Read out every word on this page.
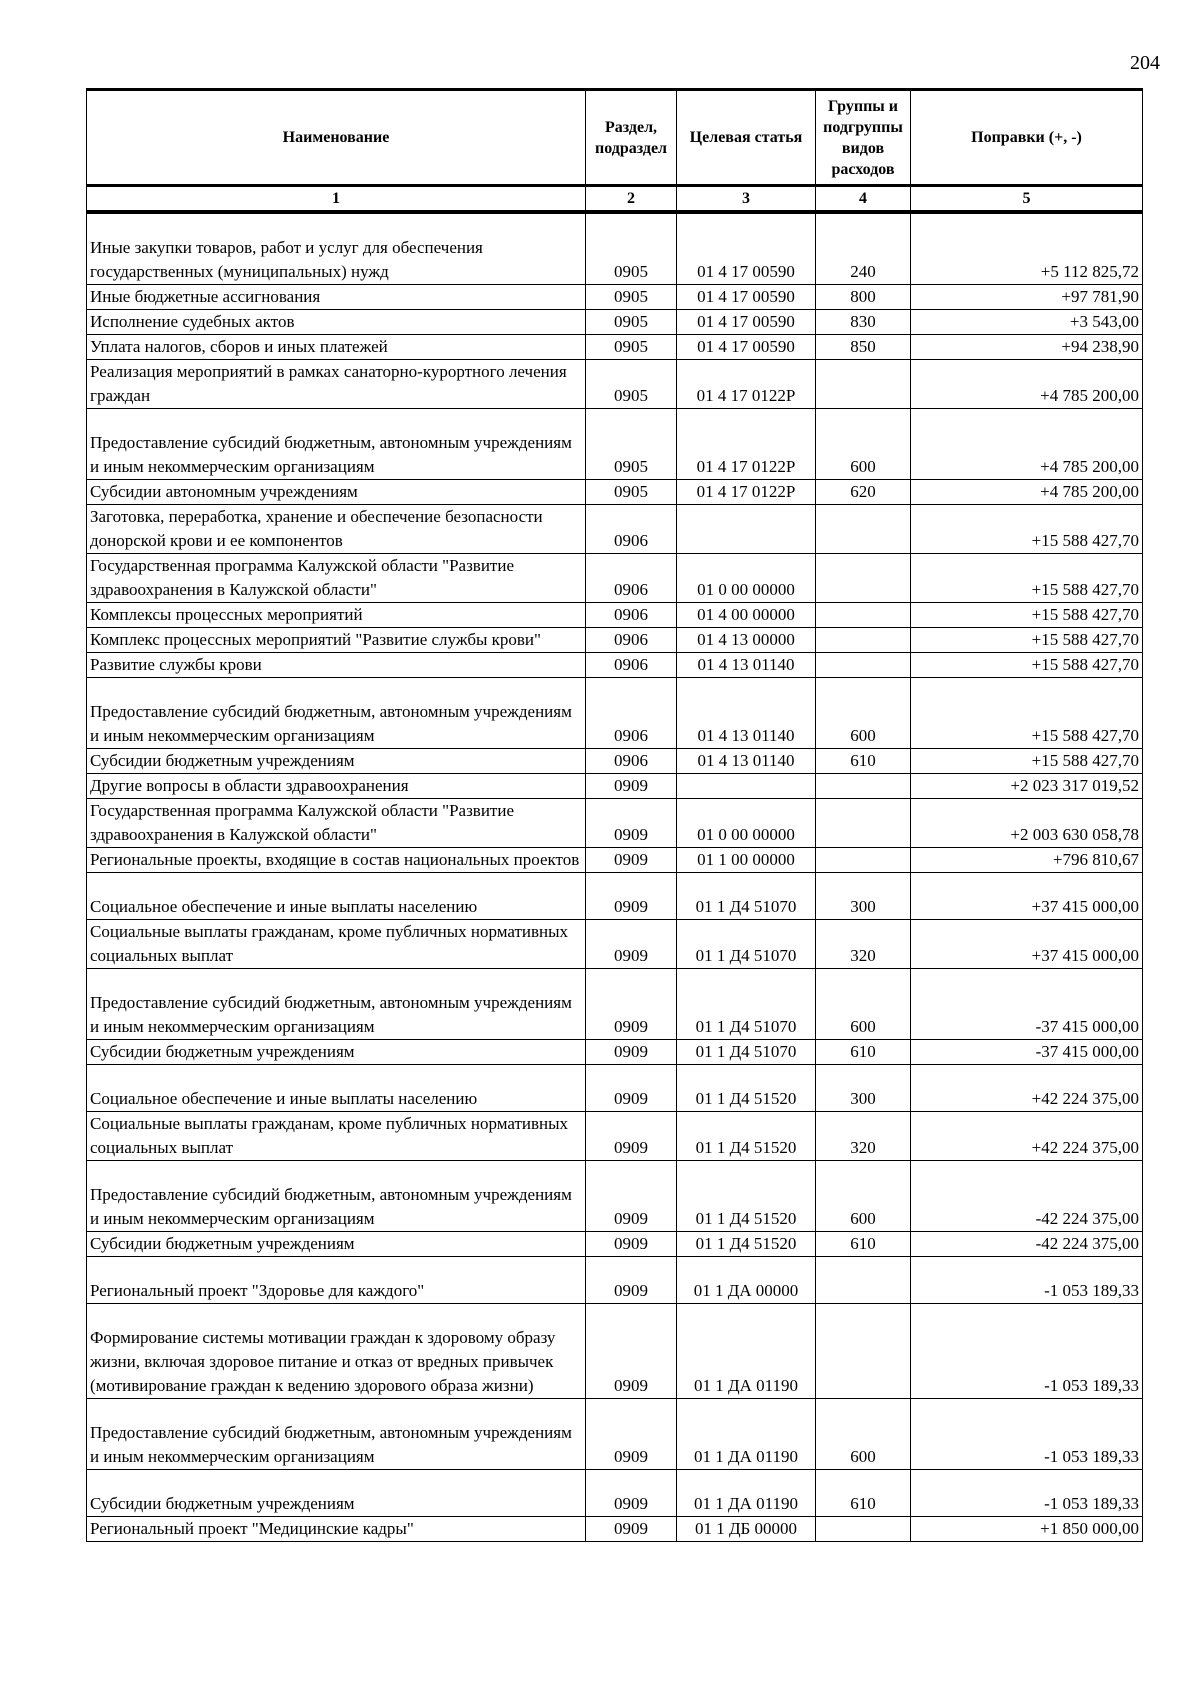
204
Наименование	Раздел, подраздел	Целевая статья	Группы и подгруппы видов расходов	Поправки (+, -)
1	2	3	4	5
Иные закупки товаров, работ и услуг для обеспечения государственных (муниципальных) нужд	0905	01 4 17 00590	240	+5 112 825,72
Иные бюджетные ассигнования	0905	01 4 17 00590	800	+97 781,90
Исполнение судебных актов	0905	01 4 17 00590	830	+3 543,00
Уплата налогов, сборов и иных платежей	0905	01 4 17 00590	850	+94 238,90
Реализация мероприятий в рамках санаторно-курортного лечения граждан	0905	01 4 17 0122Р		+4 785 200,00
Предоставление субсидий бюджетным, автономным учреждениям и иным некоммерческим организациям	0905	01 4 17 0122Р	600	+4 785 200,00
Субсидии автономным учреждениям	0905	01 4 17 0122Р	620	+4 785 200,00
Заготовка, переработка, хранение и обеспечение безопасности донорской крови и ее компонентов	0906			+15 588 427,70
Государственная программа Калужской области "Развитие здравоохранения в Калужской области"	0906	01 0 00 00000		+15 588 427,70
Комплексы процессных мероприятий	0906	01 4 00 00000		+15 588 427,70
Комплекс процессных мероприятий "Развитие службы крови"	0906	01 4 13 00000		+15 588 427,70
Развитие службы крови	0906	01 4 13 01140		+15 588 427,70
Предоставление субсидий бюджетным, автономным учреждениям и иным некоммерческим организациям	0906	01 4 13 01140	600	+15 588 427,70
Субсидии бюджетным учреждениям	0906	01 4 13 01140	610	+15 588 427,70
Другие вопросы в области здравоохранения	0909			+2 023 317 019,52
Государственная программа Калужской области "Развитие здравоохранения в Калужской области"	0909	01 0 00 00000		+2 003 630 058,78
Региональные проекты, входящие в состав национальных проектов	0909	01 1 00 00000		+796 810,67
Социальное обеспечение и иные выплаты населению	0909	01 1 Д4 51070	300	+37 415 000,00
Социальные выплаты гражданам, кроме публичных нормативных социальных выплат	0909	01 1 Д4 51070	320	+37 415 000,00
Предоставление субсидий бюджетным, автономным учреждениям и иным некоммерческим организациям	0909	01 1 Д4 51070	600	-37 415 000,00
Субсидии бюджетным учреждениям	0909	01 1 Д4 51070	610	-37 415 000,00
Социальное обеспечение и иные выплаты населению	0909	01 1 Д4 51520	300	+42 224 375,00
Социальные выплаты гражданам, кроме публичных нормативных социальных выплат	0909	01 1 Д4 51520	320	+42 224 375,00
Предоставление субсидий бюджетным, автономным учреждениям и иным некоммерческим организациям	0909	01 1 Д4 51520	600	-42 224 375,00
Субсидии бюджетным учреждениям	0909	01 1 Д4 51520	610	-42 224 375,00
Региональный проект "Здоровье для каждого"	0909	01 1 ДА 00000		-1 053 189,33
Формирование системы мотивации граждан к здоровому образу жизни, включая здоровое питание и отказ от вредных привычек (мотивирование граждан к ведению здорового образа жизни)	0909	01 1 ДА 01190		-1 053 189,33
Предоставление субсидий бюджетным, автономным учреждениям и иным некоммерческим организациям	0909	01 1 ДА 01190	600	-1 053 189,33
Субсидии бюджетным учреждениям	0909	01 1 ДА 01190	610	-1 053 189,33
Региональный проект "Медицинские кадры"	0909	01 1 ДБ 00000		+1 850 000,00
